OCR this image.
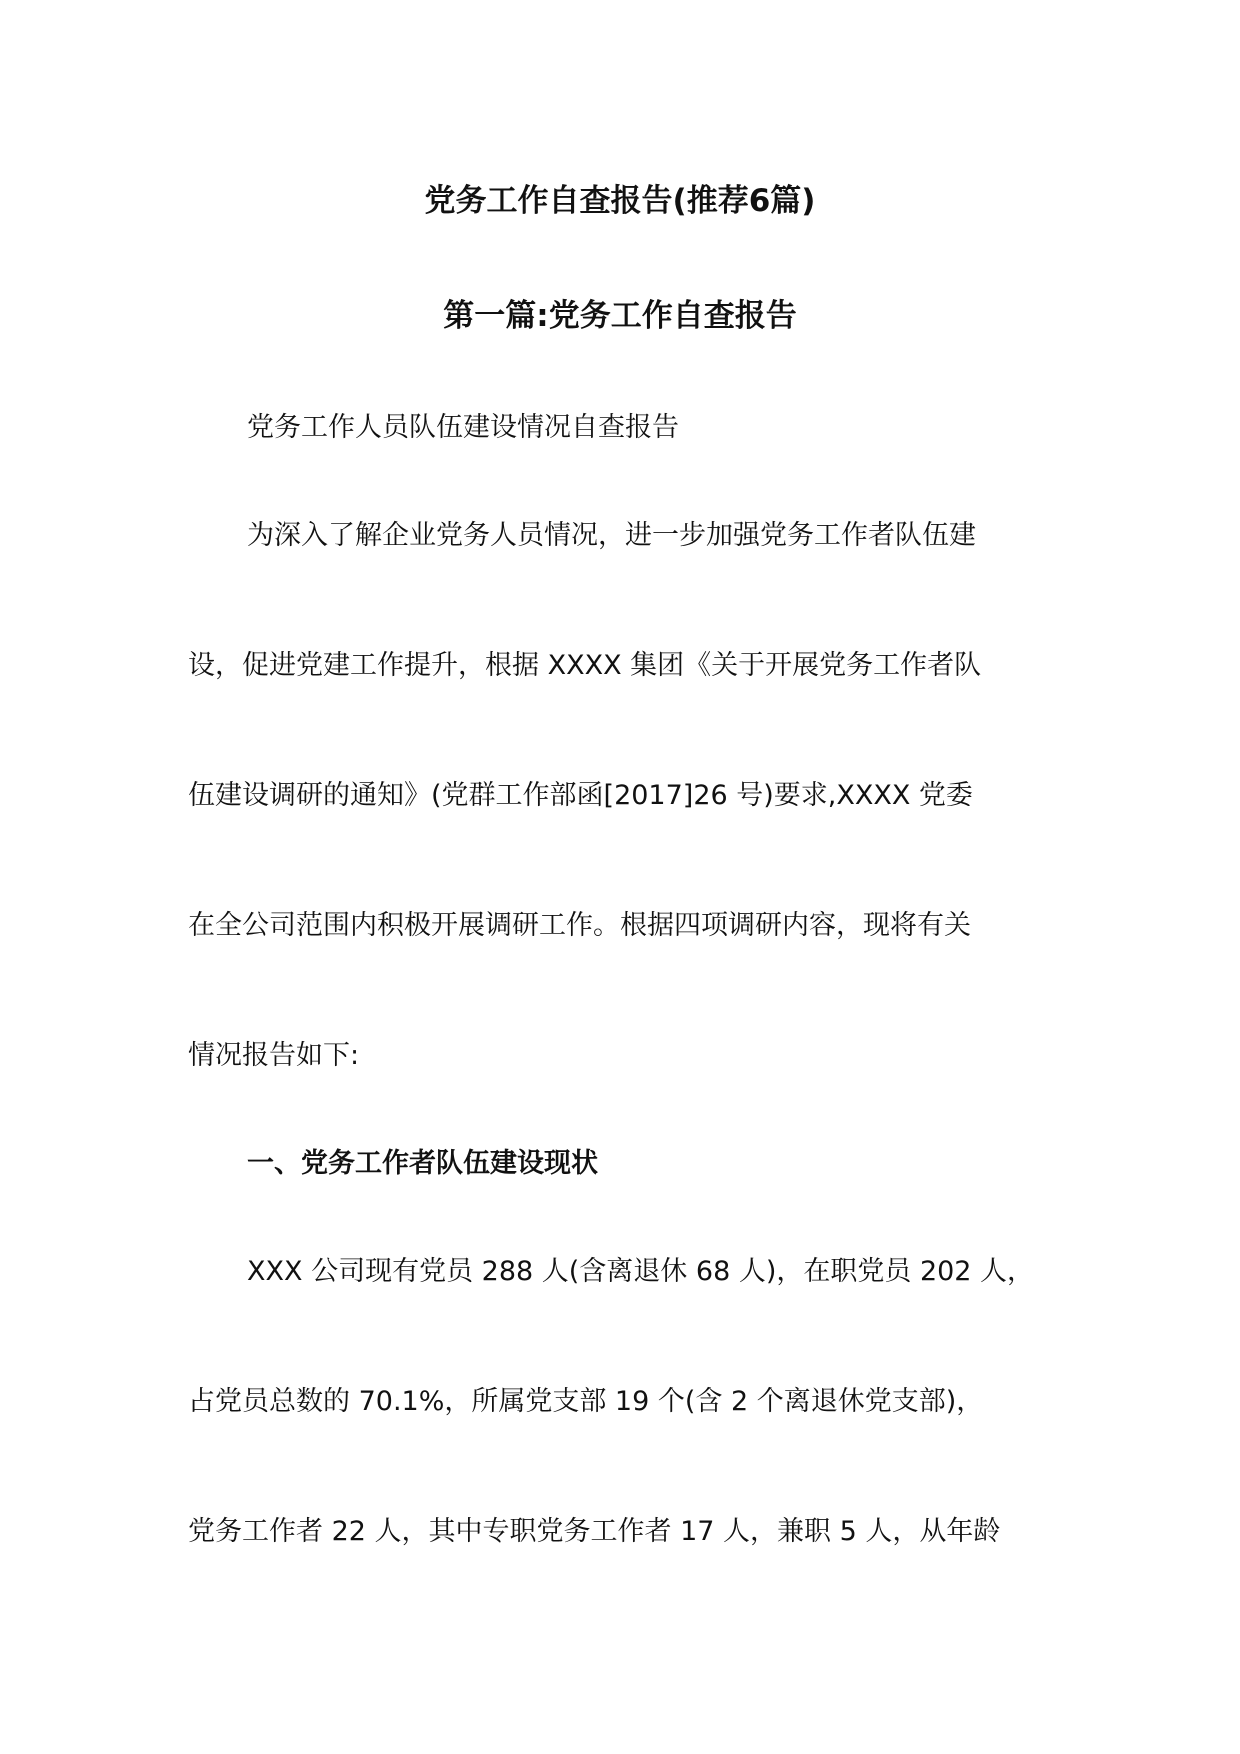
党务工作自查报告(推荐6篇)
第一篇:党务工作自查报告
党务工作人员队伍建设情况自查报告
为深入了解企业党务人员情况，进一步加强党务工作者队伍建
设，促进党建工作提升，根据 XXXX 集团《关于开展党务工作者队
伍建设调研的通知》(党群工作部函[2017]26 号)要求,XXXX 党委
在全公司范围内积极开展调研工作。根据四项调研内容，现将有关
情况报告如下:
一、党务工作者队伍建设现状
XXX 公司现有党员 288 人(含离退休 68 人)，在职党员 202 人，
占党员总数的 70.1%，所属党支部 19 个(含 2 个离退休党支部)，
党务工作者 22 人，其中专职党务工作者 17 人，兼职 5 人，从年龄
